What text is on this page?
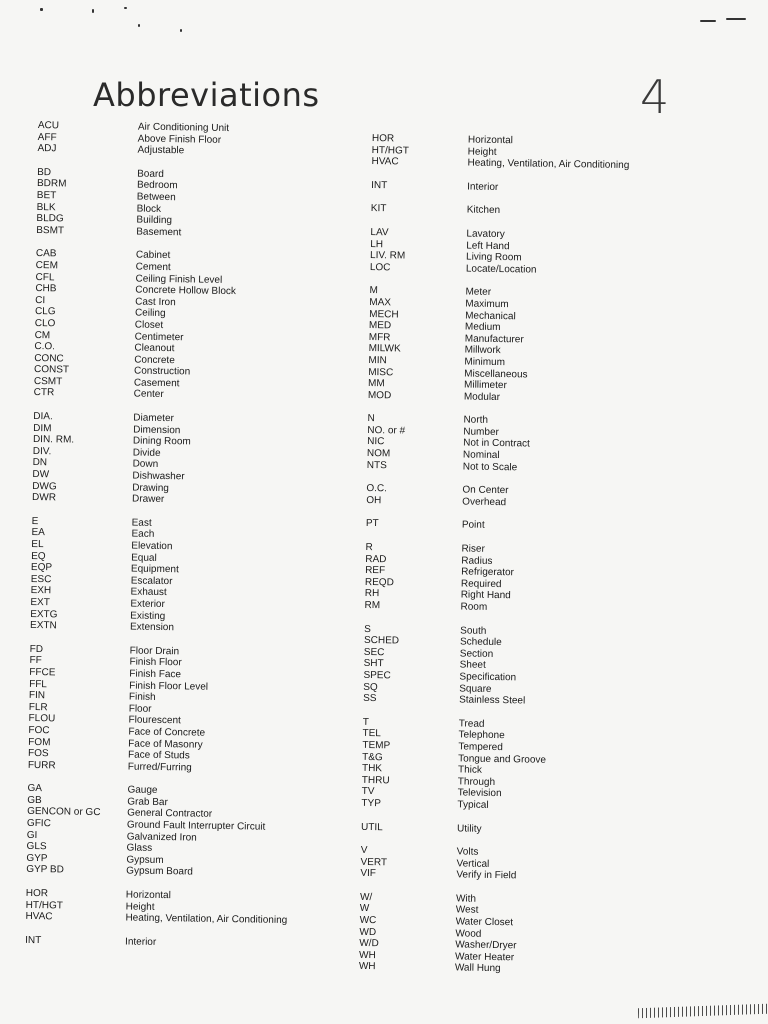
Abbreviations	4
ACU	Air Conditioning Unit
AFF	Above Finish Floor
ADJ	Adjustable
BD	Board
BDRM	Bedroom
BET	Between
BLK	Block
BLDG	Building
BSMT	Basement
CAB	Cabinet
CEM	Cement
CFL	Ceiling Finish Level
CHB	Concrete Hollow Block
CI	Cast Iron
CLG	Ceiling
CLO	Closet
CM	Centimeter
C.O.	Cleanout
CONC	Concrete
CONST	Construction
CSMT	Casement
CTR	Center
DIA.	Diameter
DIM	Dimension
DIN. RM.	Dining Room
DIV.	Divide
DN	Down
DW	Dishwasher
DWG	Drawing
DWR	Drawer
E	East
EA	Each
EL	Elevation
EQ	Equal
EQP	Equipment
ESC	Escalator
EXH	Exhaust
EXT	Exterior
EXTG	Existing
EXTN	Extension
FD	Floor Drain
FF	Finish Floor
FFCE	Finish Face
FFL	Finish Floor Level
FIN	Finish
FLR	Floor
FLOU	Flourescent
FOC	Face of Concrete
FOM	Face of Masonry
FOS	Face of Studs
FURR	Furred/Furring
GA	Gauge
GB	Grab Bar
GENCON or GC	General Contractor
GFIC	Ground Fault Interrupter Circuit
GI	Galvanized Iron
GLS	Glass
GYP	Gypsum
GYP BD	Gypsum Board
HOR	Horizontal
HT/HGT	Height
HVAC	Heating, Ventilation, Air Conditioning
INT	Interior
HOR	Horizontal
HT/HGT	Height
HVAC	Heating, Ventilation, Air Conditioning
INT	Interior
KIT	Kitchen
LAV	Lavatory
LH	Left Hand
LIV. RM	Living Room
LOC	Locate/Location
M	Meter
MAX	Maximum
MECH	Mechanical
MED	Medium
MFR	Manufacturer
MILWK	Millwork
MIN	Minimum
MISC	Miscellaneous
MM	Millimeter
MOD	Modular
N	North
NO. or #	Number
NIC	Not in Contract
NOM	Nominal
NTS	Not to Scale
O.C.	On Center
OH	Overhead
PT	Point
R	Riser
RAD	Radius
REF	Refrigerator
REQD	Required
RH	Right Hand
RM	Room
S	South
SCHED	Schedule
SEC	Section
SHT	Sheet
SPEC	Specification
SQ	Square
SS	Stainless Steel
T	Tread
TEL	Telephone
TEMP	Tempered
T&G	Tongue and Groove
THK	Thick
THRU	Through
TV	Television
TYP	Typical
UTIL	Utility
V	Volts
VERT	Vertical
VIF	Verify in Field
W/	With
W	West
WC	Water Closet
WD	Wood
W/D	Washer/Dryer
WH	Water Heater
WH	Wall Hung
